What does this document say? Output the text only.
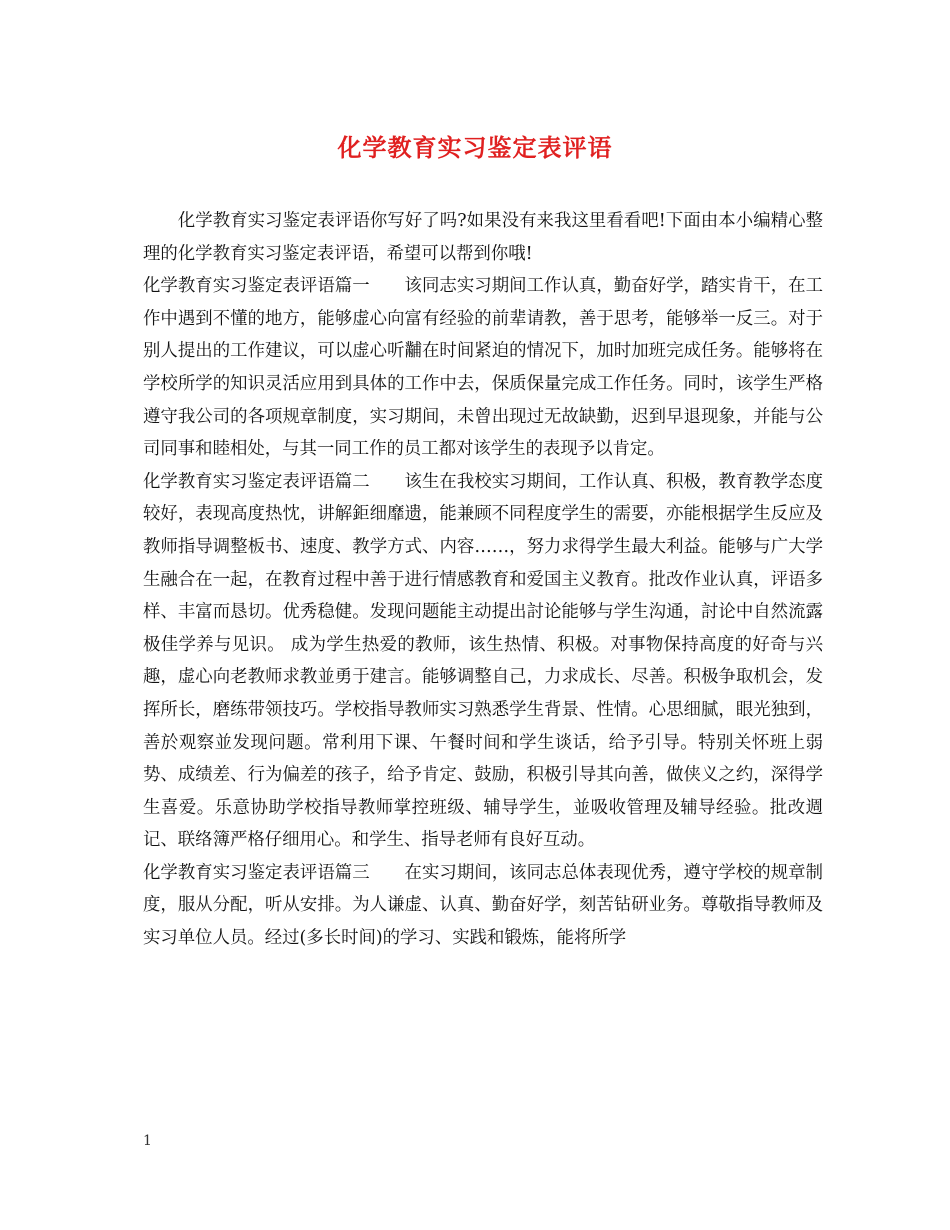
化学教育实习鉴定表评语

化学教育实习鉴定表评语你写好了吗?如果没有来我这里看看吧!下面由本小编精心整理的化学教育实习鉴定表评语，希望可以帮到你哦!

化学教育实习鉴定表评语篇一　　该同志实习期间工作认真，勤奋好学，踏实肯干，在工作中遇到不懂的地方，能够虚心向富有经验的前辈请教，善于思考，能够举一反三。对于别人提出的工作建议，可以虚心听黼在时间紧迫的情况下，加时加班完成任务。能够将在学校所学的知识灵活应用到具体的工作中去，保质保量完成工作任务。同时，该学生严格遵守我公司的各项规章制度，实习期间，未曾出现过无故缺勤，迟到早退现象，并能与公司同事和睦相处，与其一同工作的员工都对该学生的表现予以肯定。

化学教育实习鉴定表评语篇二　　该生在我校实习期间，工作认真、积极，教育教学态度较好，表现高度热忱，讲解鉅细靡遗，能兼顾不同程度学生的需要，亦能根据学生反应及教师指导调整板书、速度、教学方式、内容……，努力求得学生最大利益。能够与广大学生融合在一起，在教育过程中善于进行情感教育和爱国主义教育。批改作业认真，评语多样、丰富而恳切。优秀稳健。发现问题能主动提出討论能够与学生沟通，討论中自然流露极佳学养与见识。 成为学生热爱的教师，该生热情、积极。对事物保持高度的好奇与兴趣，虚心向老教师求教並勇于建言。能够调整自己，力求成长、尽善。积极争取机会，发挥所长，磨练带领技巧。学校指导教师实习熟悉学生背景、性情。心思细腻，眼光独到，善於观察並发现问题。常利用下课、午餐时间和学生谈话，给予引导。特别关怀班上弱势、成绩差、行为偏差的孩子，给予肯定、鼓励，积极引导其向善，做侠义之约，深得学生喜爱。乐意协助学校指导教师掌控班级、辅导学生，並吸收管理及辅导经验。批改週记、联络簿严格仔细用心。和学生、指导老师有良好互动。

化学教育实习鉴定表评语篇三　　在实习期间，该同志总体表现优秀，遵守学校的规章制度，服从分配，听从安排。为人谦虚、认真、勤奋好学，刻苦钻研业务。尊敬指导教师及实习单位人员。经过(多长时间)的学习、实践和锻炼，能将所学

1
